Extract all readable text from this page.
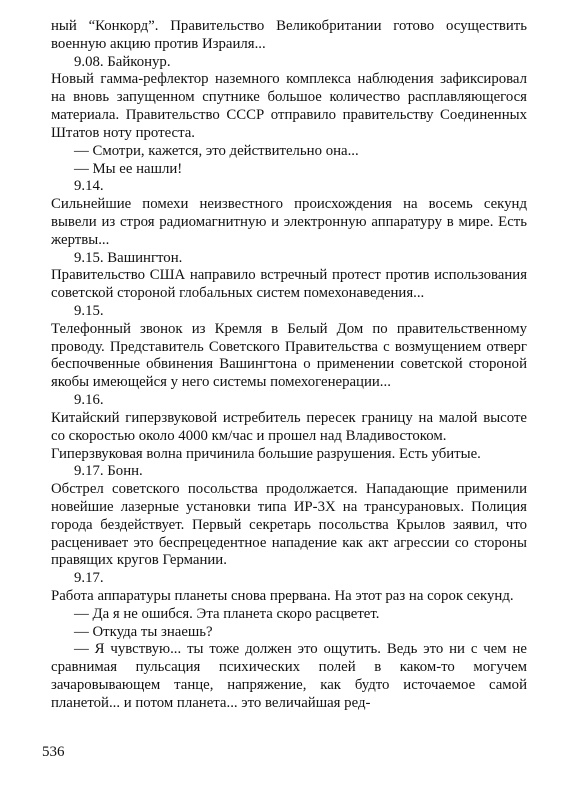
ный “Конкорд”. Правительство Великобритании готово осуществить военную акцию против Израиля...

9.08. Байконур.

Новый гамма-рефлектор наземного комплекса наблюдения зафиксировал на вновь запущенном спутнике большое количество расплавляющегося материала. Правительство СССР отправило правительству Соединенных Штатов ноту протеста.

— Смотри, кажется, это действительно она...

— Мы ее нашли!

9.14.

Сильнейшие помехи неизвестного происхождения на восемь секунд вывели из строя радиомагнитную и электронную аппаратуру в мире. Есть жертвы...

9.15. Вашингтон.

Правительство США направило встречный протест против использования советской стороной глобальных систем помехонаведения...

9.15.

Телефонный звонок из Кремля в Белый Дом по правительственному проводу. Представитель Советского Правительства с возмущением отверг беспочвенные обвинения Вашингтона о применении советской стороной якобы имеющейся у него системы помехогенерации...

9.16.

Китайский гиперзвуковой истребитель пересек границу на малой высоте со скоростью около 4000 км/час и прошел над Владивостоком.

Гиперзвуковая волна причинила большие разрушения. Есть убитые.

9.17. Бонн.

Обстрел советского посольства продолжается. Нападающие применили новейшие лазерные установки типа ИР-3Х на трансурановых. Полиция города бездействует. Первый секретарь посольства Крылов заявил, что расценивает это беспрецедентное нападение как акт агрессии со стороны правящих кругов Германии.

9.17.

Работа аппаратуры планеты снова прервана. На этот раз на сорок секунд.

— Да я не ошибся. Эта планета скоро расцветет.

— Откуда ты знаешь?

— Я чувствую... ты тоже должен это ощутить. Ведь это ни с чем не сравнимая пульсация психических полей в каком-то могучем зачаровывающем танце, напряжение, как будто источаемое самой планетой... и потом планета... это величайшая ред-

536
